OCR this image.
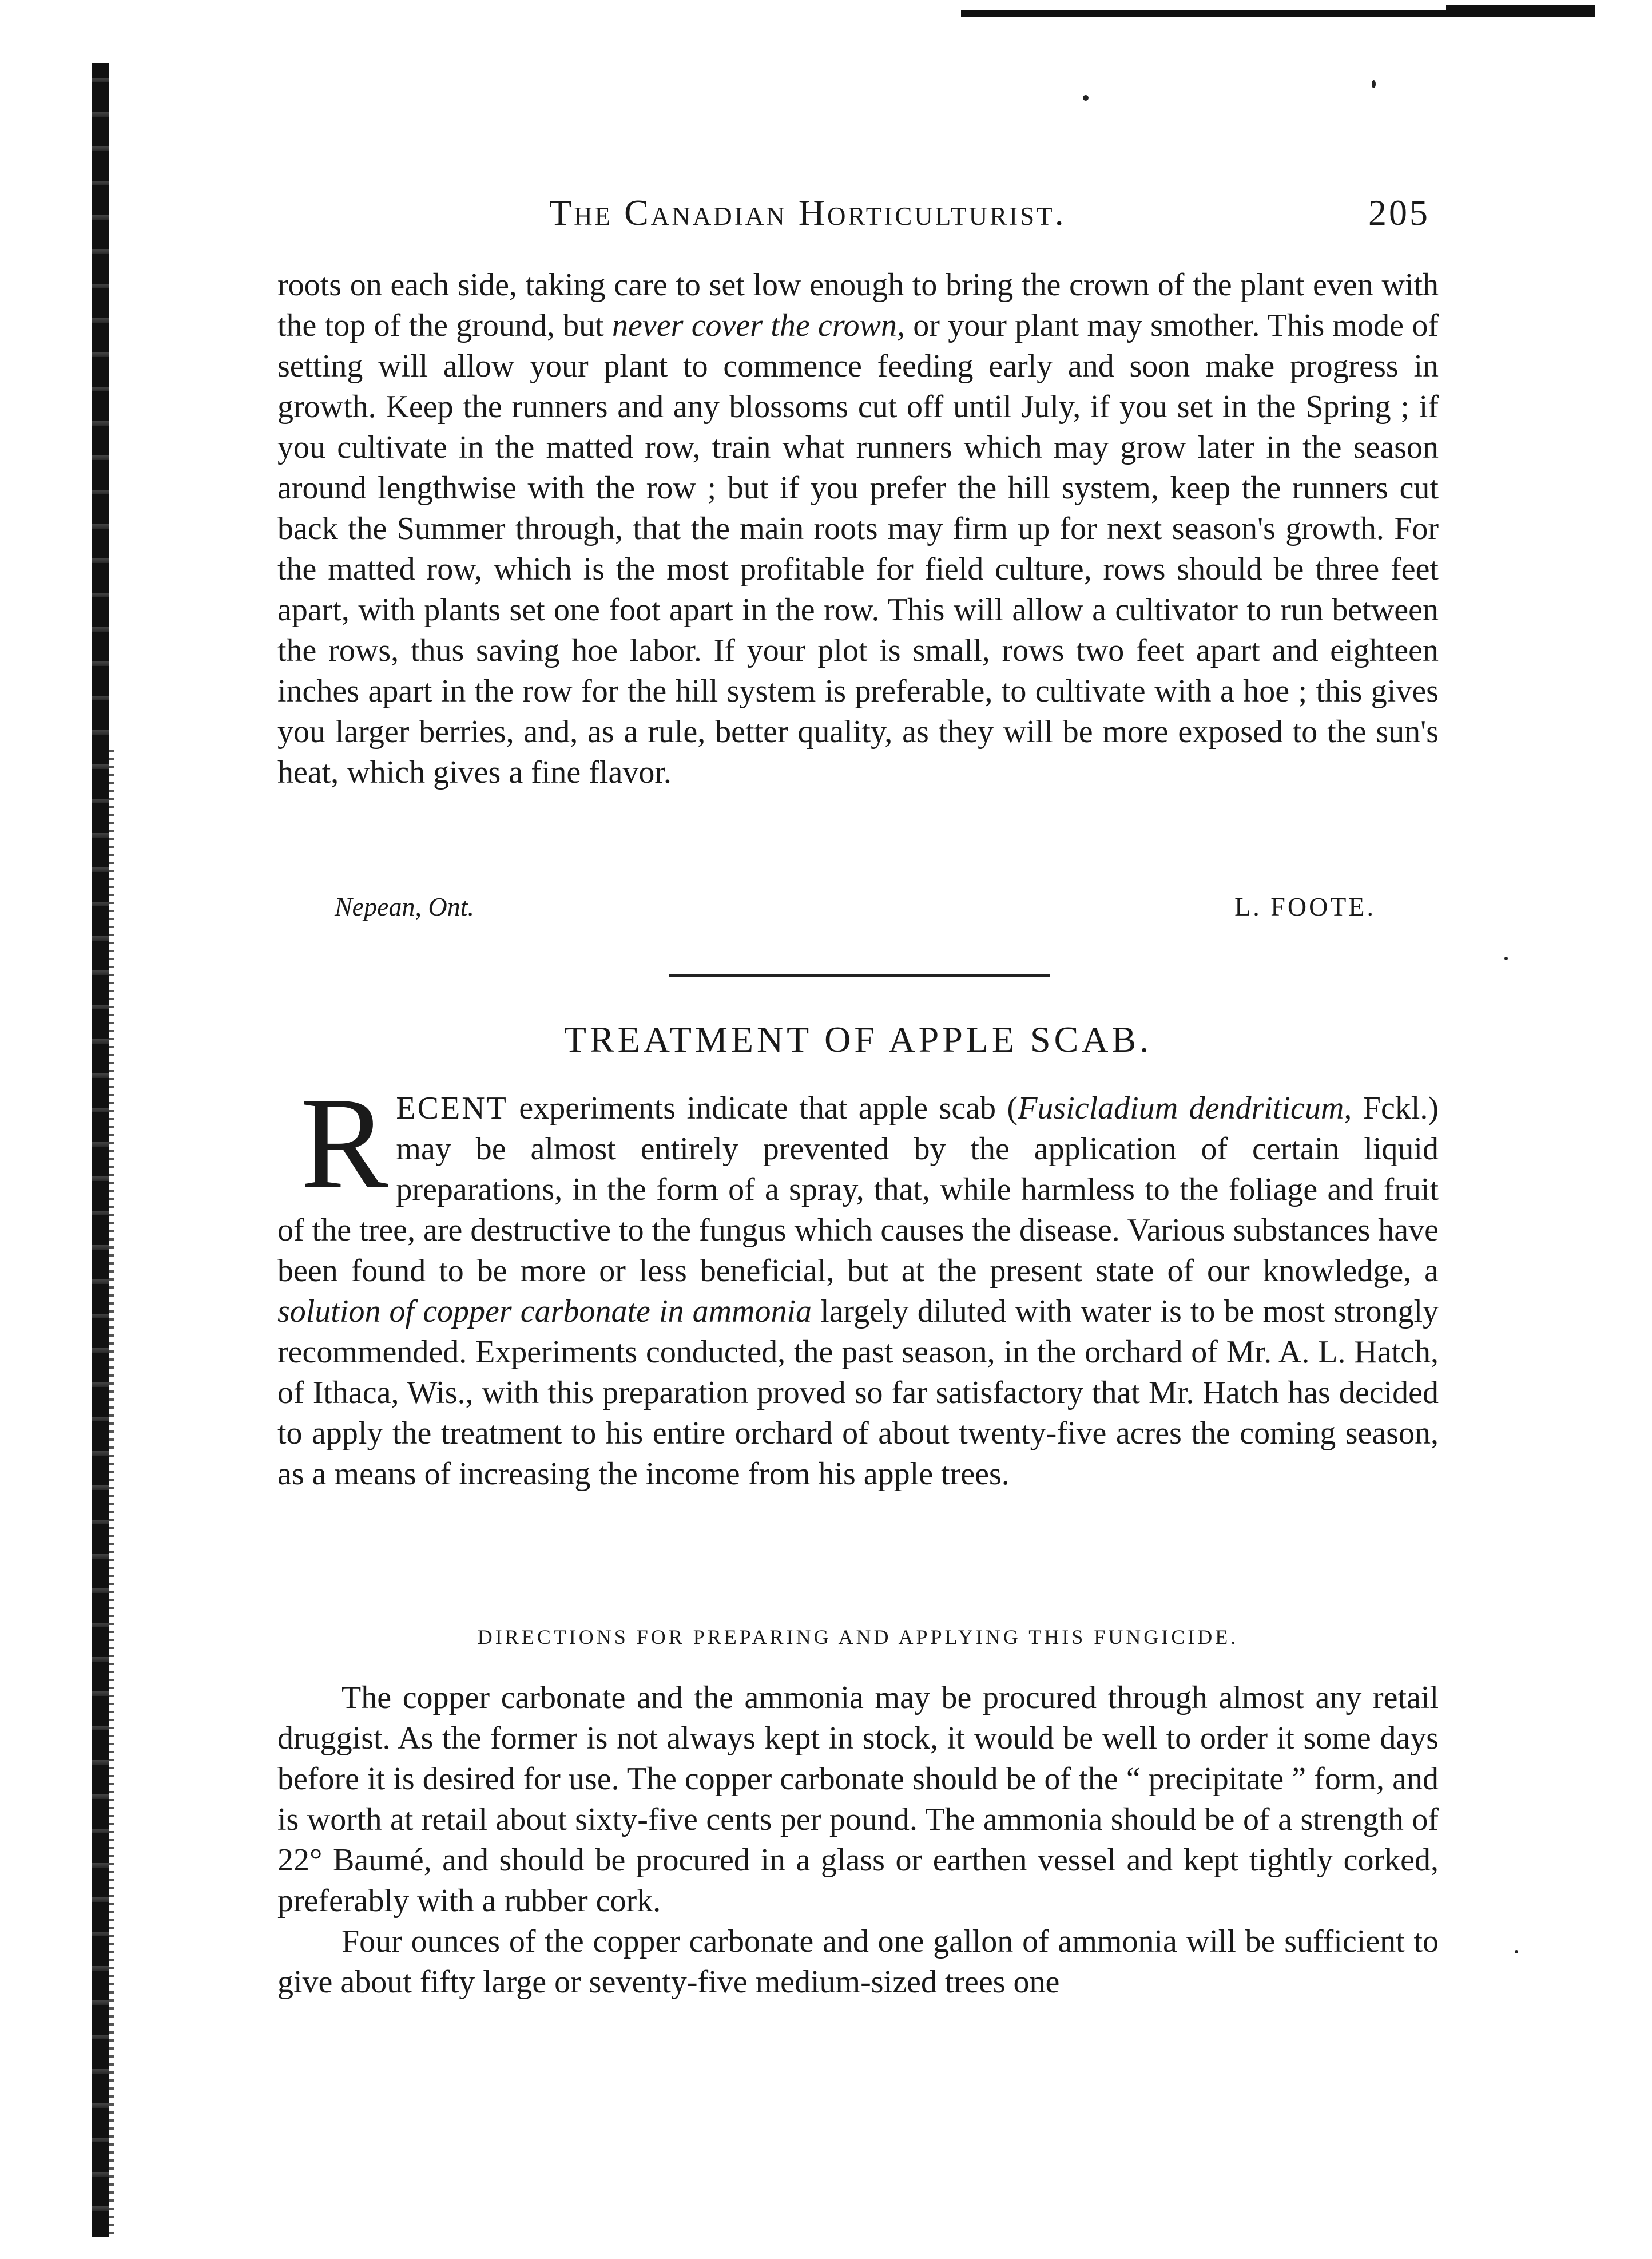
The Canadian Horticulturist.	205

roots on each side, taking care to set low enough to bring the crown of the plant even with the top of the ground, but never cover the crown, or your plant may smother. This mode of setting will allow your plant to commence feeding early and soon make progress in growth. Keep the runners and any blossoms cut off until July, if you set in the Spring ; if you cultivate in the matted row, train what runners which may grow later in the season around lengthwise with the row ; but if you prefer the hill system, keep the runners cut back the Summer through, that the main roots may firm up for next season's growth. For the matted row, which is the most profitable for field culture, rows should be three feet apart, with plants set one foot apart in the row. This will allow a cultivator to run between the rows, thus saving hoe labor. If your plot is small, rows two feet apart and eighteen inches apart in the row for the hill system is preferable, to cultivate with a hoe ; this gives you larger berries, and, as a rule, better quality, as they will be more exposed to the sun's heat, which gives a fine flavor.

Nepean, Ont.	L. FOOTE.
TREATMENT OF APPLE SCAB.
R ECENT experiments indicate that apple scab (Fusicladium dendriticum, Fckl.) may be almost entirely prevented by the application of certain liquid preparations, in the form of a spray, that, while harmless to the foliage and fruit of the tree, are destructive to the fungus which causes the disease. Various substances have been found to be more or less beneficial, but at the present state of our knowledge, a solution of copper carbonate in ammonia largely diluted with water is to be most strongly recommended. Experiments conducted, the past season, in the orchard of Mr. A. L. Hatch, of Ithaca, Wis., with this preparation proved so far satisfactory that Mr. Hatch has decided to apply the treatment to his entire orchard of about twenty-five acres the coming season, as a means of increasing the income from his apple trees.
DIRECTIONS FOR PREPARING AND APPLYING THIS FUNGICIDE.

The copper carbonate and the ammonia may be procured through almost any retail druggist. As the former is not always kept in stock, it would be well to order it some days before it is desired for use. The copper carbonate should be of the “ precipitate ” form, and is worth at retail about sixty-five cents per pound. The ammonia should be of a strength of 22° Baumé, and should be procured in a glass or earthen vessel and kept tightly corked, preferably with a rubber cork.

Four ounces of the copper carbonate and one gallon of ammonia will be sufficient to give about fifty large or seventy-five medium-sized trees one
